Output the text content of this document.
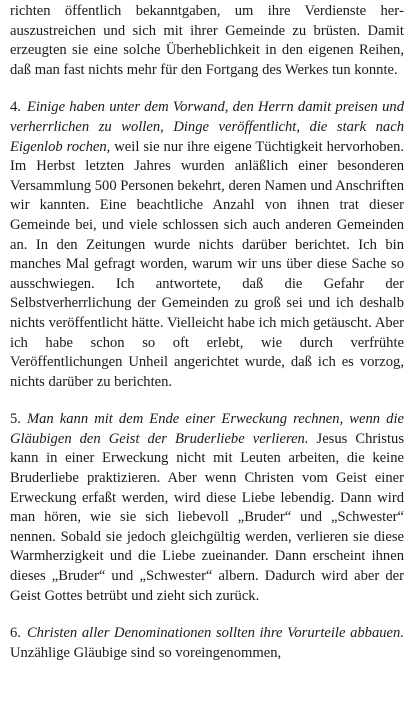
richten öffentlich bekanntgaben, um ihre Verdienste herauszustreichen und sich mit ihrer Gemeinde zu brüsten. Damit erzeugten sie eine solche Überheblichkeit in den eigenen Reihen, daß man fast nichts mehr für den Fortgang des Werkes tun konnte.

4. Einige haben unter dem Vorwand, den Herrn damit preisen und verherrlichen zu wollen, Dinge veröffentlicht, die stark nach Eigenlob rochen, weil sie nur ihre eigene Tüchtigkeit hervorhoben. Im Herbst letzten Jahres wurden anläßlich einer besonderen Versammlung 500 Personen bekehrt, deren Namen und Anschriften wir kannten. Eine beachtliche Anzahl von ihnen trat dieser Gemeinde bei, und viele schlossen sich auch anderen Gemeinden an. In den Zeitungen wurde nichts darüber berichtet. Ich bin manches Mal gefragt worden, warum wir uns über diese Sache so ausschwiegen. Ich antwortete, daß die Gefahr der Selbstverherrlichung der Gemeinden zu groß sei und ich deshalb nichts veröffentlicht hätte. Vielleicht habe ich mich getäuscht. Aber ich habe schon so oft erlebt, wie durch verfrühte Veröffentlichungen Unheil angerichtet wurde, daß ich es vorzog, nichts darüber zu berichten.

5. Man kann mit dem Ende einer Erweckung rechnen, wenn die Gläubigen den Geist der Bruderliebe verlieren. Jesus Christus kann in einer Erweckung nicht mit Leuten arbeiten, die keine Bruderliebe praktizieren. Aber wenn Christen vom Geist einer Erweckung erfaßt werden, wird diese Liebe lebendig. Dann wird man hören, wie sie sich liebevoll „Bruder“ und „Schwester“ nennen. Sobald sie jedoch gleichgültig werden, verlieren sie diese Warmherzigkeit und die Liebe zueinander. Dann erscheint ihnen dieses „Bruder“ und „Schwester“ albern. Dadurch wird aber der Geist Gottes betrübt und zieht sich zurück.

6. Christen aller Denominationen sollten ihre Vorurteile abbauen. Unzählige Gläubige sind so voreingenommen,
